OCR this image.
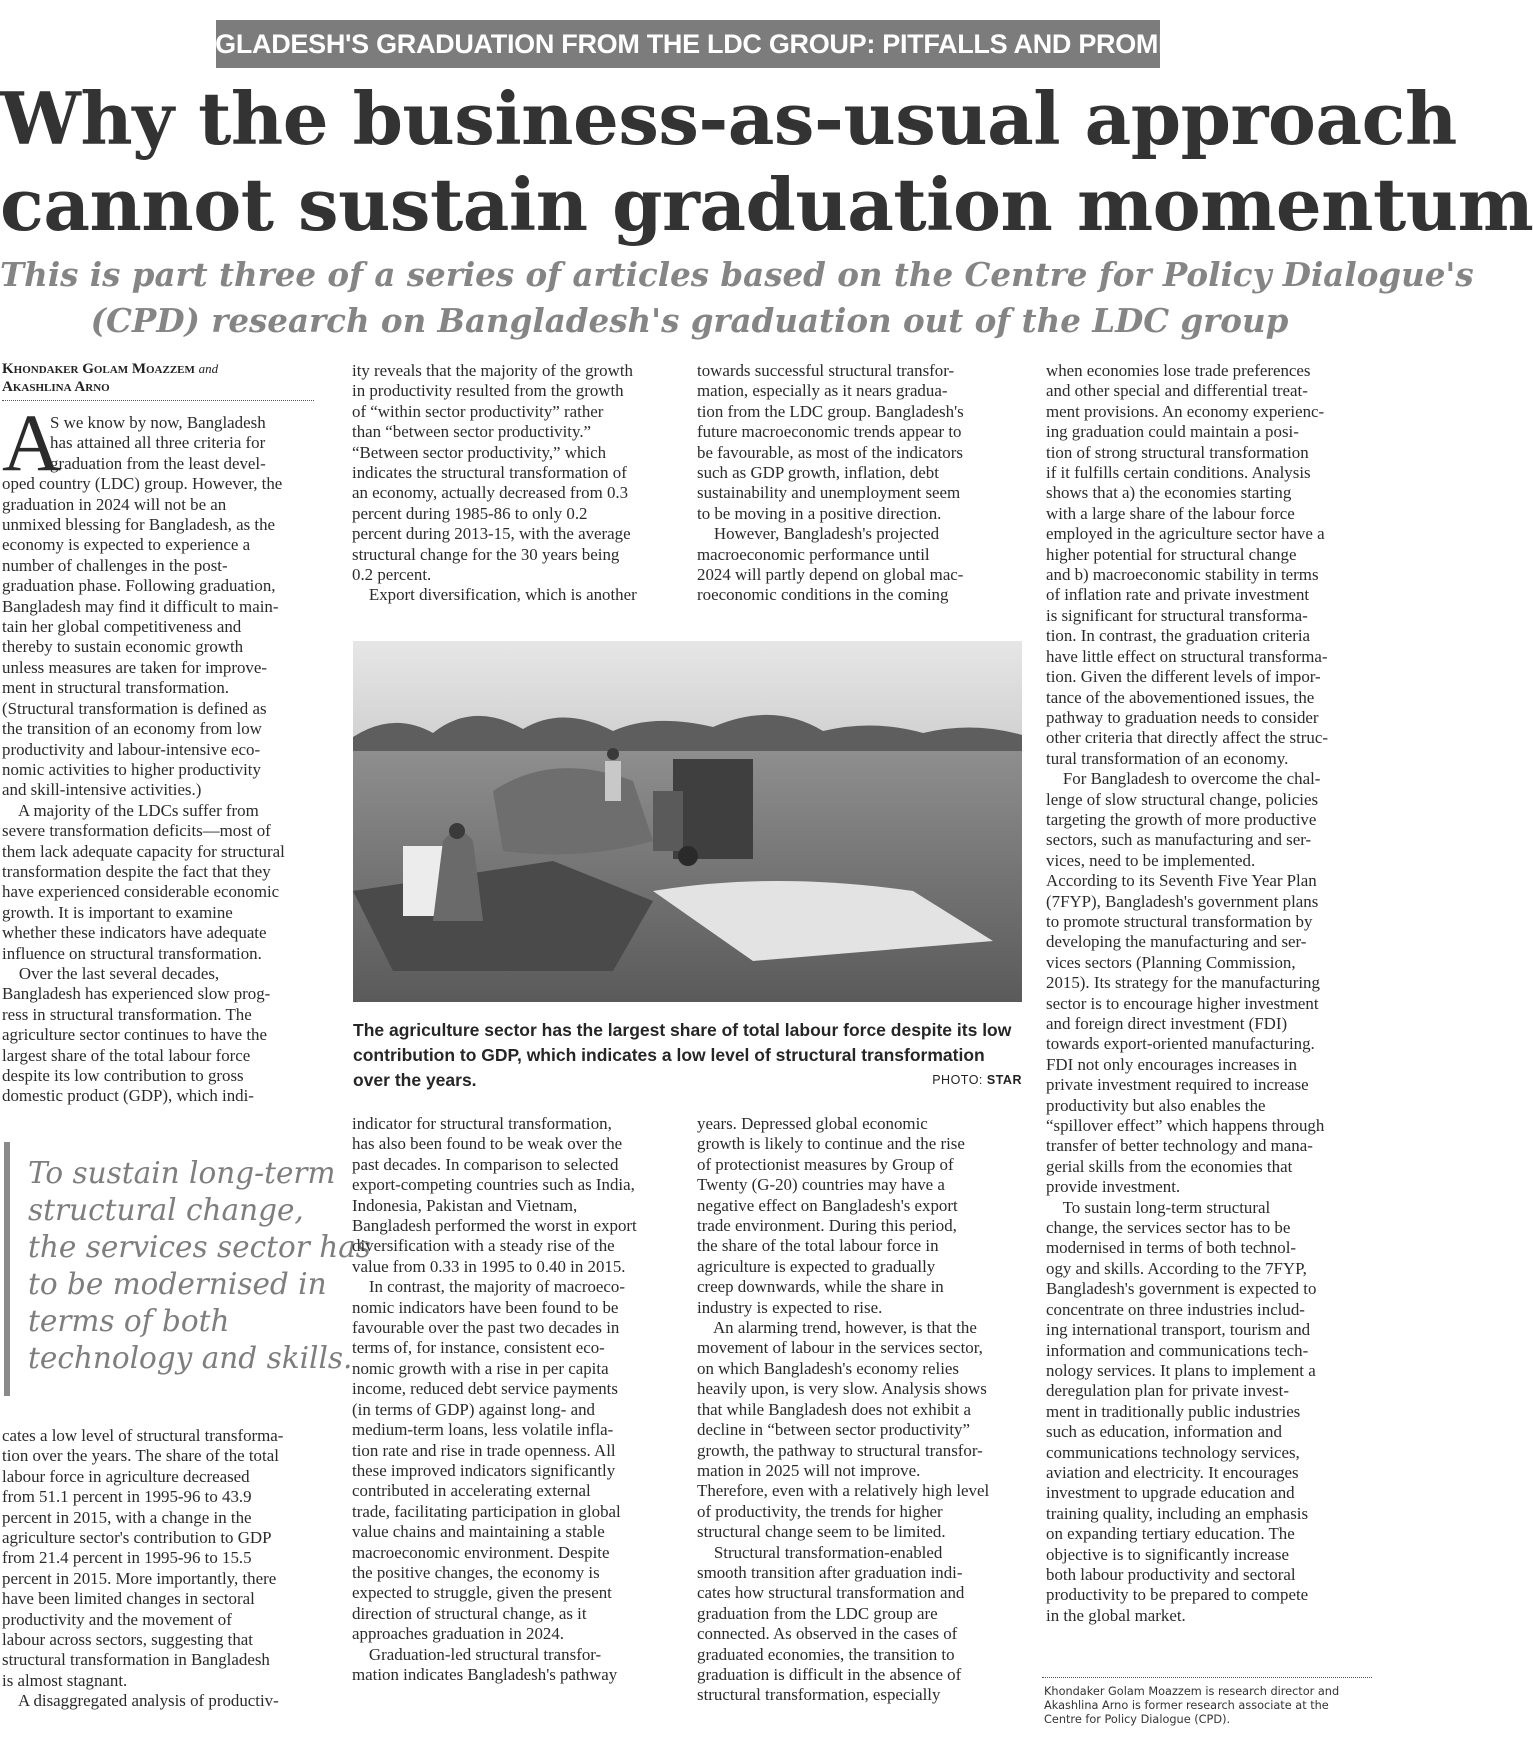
BANGLADESH'S GRADUATION FROM THE LDC GROUP: PITFALLS AND PROMISES
Why the business-as-usual approach
cannot sustain graduation momentum
This is part three of a series of articles based on the Centre for Policy Dialogue's
(CPD) research on Bangladesh's graduation out of the LDC group
Khondaker Golam Moazzem and
Akashlina Arno
A

S we know by now, Bangladesh

has attained all three criteria for

graduation from the least devel-

oped country (LDC) group. However, the

graduation in 2024 will not be an

unmixed blessing for Bangladesh, as the

economy is expected to experience a

number of challenges in the post-

graduation phase. Following graduation,

Bangladesh may find it difficult to main-

tain her global competitiveness and

thereby to sustain economic growth

unless measures are taken for improve-

ment in structural transformation.

(Structural transformation is defined as

the transition of an economy from low

productivity and labour-intensive eco-

nomic activities to higher productivity

and skill-intensive activities.)

A majority of the LDCs suffer from

severe transformation deficits—most of

them lack adequate capacity for structural

transformation despite the fact that they

have experienced considerable economic

growth. It is important to examine

whether these indicators have adequate

influence on structural transformation.

Over the last several decades,

Bangladesh has experienced slow prog-

ress in structural transformation. The

agriculture sector continues to have the

largest share of the total labour force

despite its low contribution to gross

domestic product (GDP), which indi-

To sustain long-term
structural change,
the services sector has
to be modernised in
terms of both
technology and skills.

cates a low level of structural transforma-

tion over the years. The share of the total

labour force in agriculture decreased

from 51.1 percent in 1995-96 to 43.9

percent in 2015, with a change in the

agriculture sector's contribution to GDP

from 21.4 percent in 1995-96 to 15.5

percent in 2015. More importantly, there

have been limited changes in sectoral

productivity and the movement of

labour across sectors, suggesting that

structural transformation in Bangladesh

is almost stagnant.

A disaggregated analysis of productiv-

ity reveals that the majority of the growth

in productivity resulted from the growth

of “within sector productivity” rather

than “between sector productivity.”

“Between sector productivity,” which

indicates the structural transformation of

an economy, actually decreased from 0.3

percent during 1985-86 to only 0.2

percent during 2013-15, with the average

structural change for the 30 years being

0.2 percent.

Export diversification, which is another

towards successful structural transfor-

mation, especially as it nears gradua-

tion from the LDC group. Bangladesh's

future macroeconomic trends appear to

be favourable, as most of the indicators

such as GDP growth, inflation, debt

sustainability and unemployment seem

to be moving in a positive direction.

However, Bangladesh's projected

macroeconomic performance until

2024 will partly depend on global mac-

roeconomic conditions in the coming

The agriculture sector has the largest share of total labour force despite its low
contribution to GDP, which indicates a low level of structural transformation
over the years.	PHOTO: STAR

indicator for structural transformation,

has also been found to be weak over the

past decades. In comparison to selected

export-competing countries such as India,

Indonesia, Pakistan and Vietnam,

Bangladesh performed the worst in export

diversification with a steady rise of the

value from 0.33 in 1995 to 0.40 in 2015.

In contrast, the majority of macroeco-

nomic indicators have been found to be

favourable over the past two decades in

terms of, for instance, consistent eco-

nomic growth with a rise in per capita

income, reduced debt service payments

(in terms of GDP) against long- and

medium-term loans, less volatile infla-

tion rate and rise in trade openness. All

these improved indicators significantly

contributed in accelerating external

trade, facilitating participation in global

value chains and maintaining a stable

macroeconomic environment. Despite

the positive changes, the economy is

expected to struggle, given the present

direction of structural change, as it

approaches graduation in 2024.

Graduation-led structural transfor-

mation indicates Bangladesh's pathway

years. Depressed global economic

growth is likely to continue and the rise

of protectionist measures by Group of

Twenty (G-20) countries may have a

negative effect on Bangladesh's export

trade environment. During this period,

the share of the total labour force in

agriculture is expected to gradually

creep downwards, while the share in

industry is expected to rise.

An alarming trend, however, is that the

movement of labour in the services sector,

on which Bangladesh's economy relies

heavily upon, is very slow. Analysis shows

that while Bangladesh does not exhibit a

decline in “between sector productivity”

growth, the pathway to structural transfor-

mation in 2025 will not improve.

Therefore, even with a relatively high level

of productivity, the trends for higher

structural change seem to be limited.

Structural transformation-enabled

smooth transition after graduation indi-

cates how structural transformation and

graduation from the LDC group are

connected. As observed in the cases of

graduated economies, the transition to

graduation is difficult in the absence of

structural transformation, especially

when economies lose trade preferences

and other special and differential treat-

ment provisions. An economy experienc-

ing graduation could maintain a posi-

tion of strong structural transformation

if it fulfills certain conditions. Analysis

shows that a) the economies starting

with a large share of the labour force

employed in the agriculture sector have a

higher potential for structural change

and b) macroeconomic stability in terms

of inflation rate and private investment

is significant for structural transforma-

tion. In contrast, the graduation criteria

have little effect on structural transforma-

tion. Given the different levels of impor-

tance of the abovementioned issues, the

pathway to graduation needs to consider

other criteria that directly affect the struc-

tural transformation of an economy.

For Bangladesh to overcome the chal-

lenge of slow structural change, policies

targeting the growth of more productive

sectors, such as manufacturing and ser-

vices, need to be implemented.

According to its Seventh Five Year Plan

(7FYP), Bangladesh's government plans

to promote structural transformation by

developing the manufacturing and ser-

vices sectors (Planning Commission,

2015). Its strategy for the manufacturing

sector is to encourage higher investment

and foreign direct investment (FDI)

towards export-oriented manufacturing.

FDI not only encourages increases in

private investment required to increase

productivity but also enables the

“spillover effect” which happens through

transfer of better technology and mana-

gerial skills from the economies that

provide investment.

To sustain long-term structural

change, the services sector has to be

modernised in terms of both technol-

ogy and skills. According to the 7FYP,

Bangladesh's government is expected to

concentrate on three industries includ-

ing international transport, tourism and

information and communications tech-

nology services. It plans to implement a

deregulation plan for private invest-

ment in traditionally public industries

such as education, information and

communications technology services,

aviation and electricity. It encourages

investment to upgrade education and

training quality, including an emphasis

on expanding tertiary education. The

objective is to significantly increase

both labour productivity and sectoral

productivity to be prepared to compete

in the global market.

Khondaker Golam Moazzem is research director and
Akashlina Arno is former research associate at the
Centre for Policy Dialogue (CPD).
